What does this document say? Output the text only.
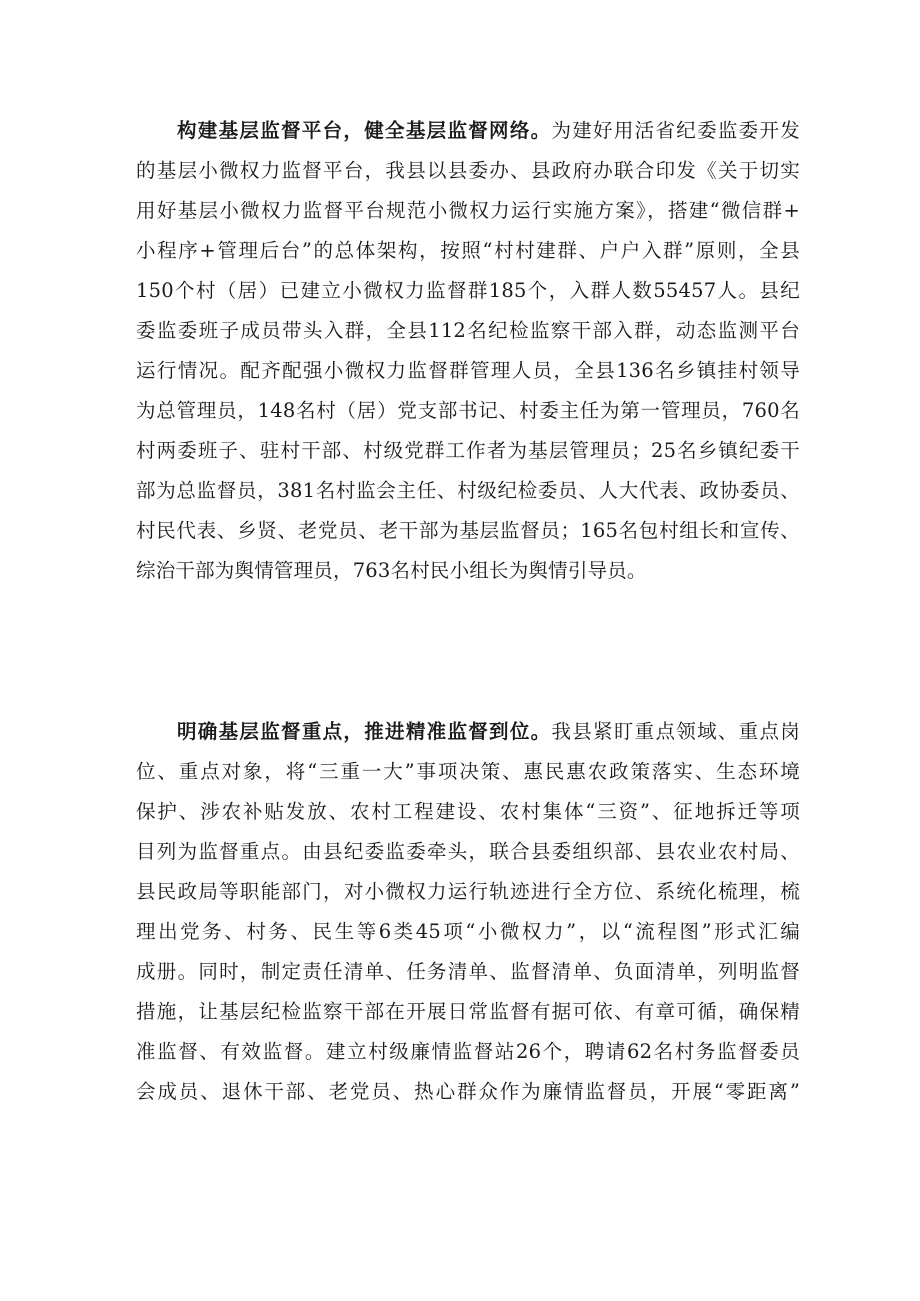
构建基层监督平台，健全基层监督网络。为建好用活省纪委监委开发
的基层小微权力监督平台，我县以县委办、县政府办联合印发《关于切实
用好基层小微权力监督平台规范小微权力运行实施方案》，搭建“微信群+
小程序+管理后台”的总体架构，按照“村村建群、户户入群”原则，全县
150个村（居）已建立小微权力监督群185个，入群人数55457人。县纪
委监委班子成员带头入群，全县112名纪检监察干部入群，动态监测平台
运行情况。配齐配强小微权力监督群管理人员，全县136名乡镇挂村领导
为总管理员，148名村（居）党支部书记、村委主任为第一管理员，760名
村两委班子、驻村干部、村级党群工作者为基层管理员；25名乡镇纪委干
部为总监督员，381名村监会主任、村级纪检委员、人大代表、政协委员、
村民代表、乡贤、老党员、老干部为基层监督员；165名包村组长和宣传、
综治干部为舆情管理员，763名村民小组长为舆情引导员。
明确基层监督重点，推进精准监督到位。我县紧盯重点领域、重点岗
位、重点对象，将“三重一大”事项决策、惠民惠农政策落实、生态环境
保护、涉农补贴发放、农村工程建设、农村集体“三资”、征地拆迁等项
目列为监督重点。由县纪委监委牵头，联合县委组织部、县农业农村局、
县民政局等职能部门，对小微权力运行轨迹进行全方位、系统化梳理，梳
理出党务、村务、民生等6类45项“小微权力”，以“流程图”形式汇编
成册。同时，制定责任清单、任务清单、监督清单、负面清单，列明监督
措施，让基层纪检监察干部在开展日常监督有据可依、有章可循，确保精
准监督、有效监督。建立村级廉情监督站26个，聘请62名村务监督委员
会成员、退休干部、老党员、热心群众作为廉情监督员，开展“零距离”
